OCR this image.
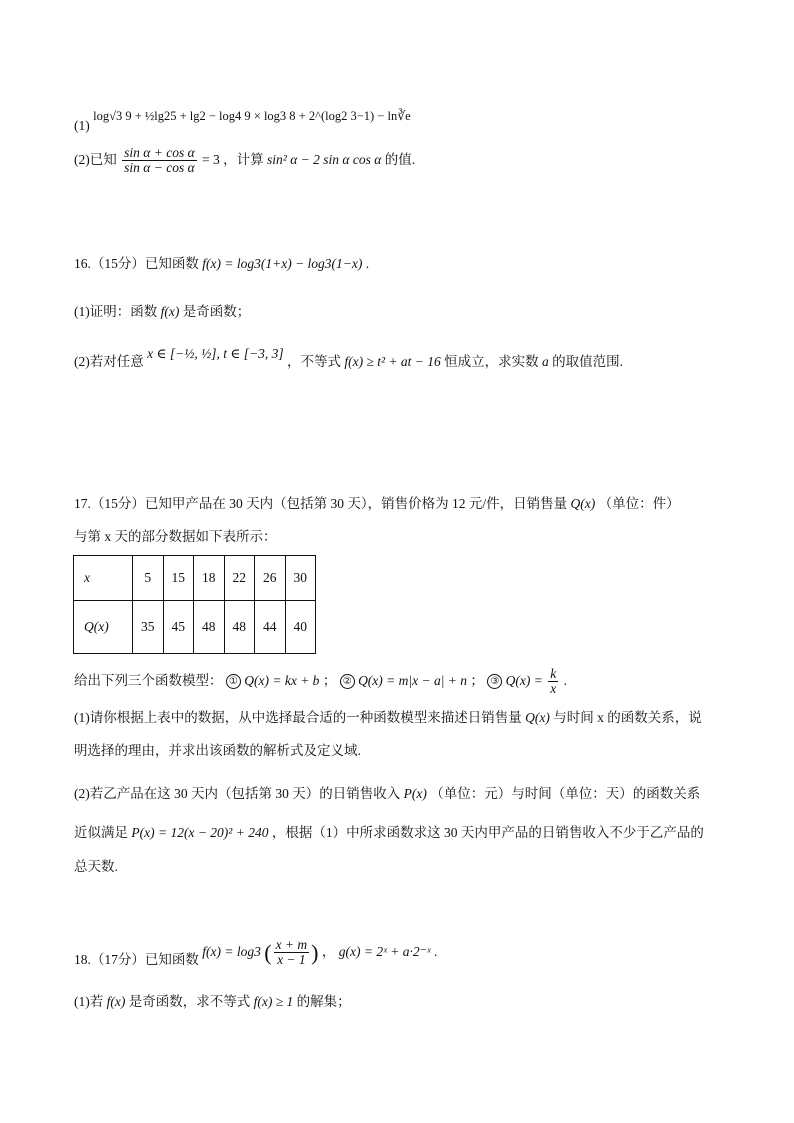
(1) log√3 9 + ½lg25 + lg2 − log4 9 × log3 8 + 2^(log2 3−1) − ln∛e
(2)已知 $\frac{\text{sin α + cos α}}{\text{sin α − cos α}} = 3$ ，计算 sin² α − 2 sin α cos α 的值.
16.（15分）已知函数 f(x) = log3(1+x) − log3(1−x) .
(1)证明：函数 f(x) 是奇函数；
(2)若对任意 x ∈ [−½, ½], t ∈ [−3, 3] ，不等式 f(x) ≥ t² + at − 16 恒成立，求实数 a 的取值范围.
17.（15分）已知甲产品在 30 天内（包括第 30 天），销售价格为 12 元/件，日销售量 Q(x) （单位：件）
与第 x 天的部分数据如下表所示：
x	5	15	18	22	26	30
Q(x)	35	45	48	48	44	40
给出下列三个函数模型： ① Q(x) = kx + b ； ② Q(x) = m|x − a| + n ； ③ $Q(x) = \frac{k}{x}$ .
(1)请你根据上表中的数据，从中选择最合适的一种函数模型来描述日销售量 Q(x) 与时间 x 的函数关系，说
明选择的理由，并求出该函数的解析式及定义域.
(2)若乙产品在这 30 天内（包括第 30 天）的日销售收入 P(x) （单位：元）与时间（单位：天）的函数关系
近似满足 P(x) = 12(x − 20)² + 240 ，根据（1）中所求函数求这 30 天内甲产品的日销售收入不少于乙产品的
总天数.
18.（17分）已知函数 f(x) = log3 ( $\frac{x + m}{x - 1}$ ) ， g(x) = 2ˣ + a·2⁻ˣ .
(1)若 f(x) 是奇函数，求不等式 f(x) ≥ 1 的解集；
